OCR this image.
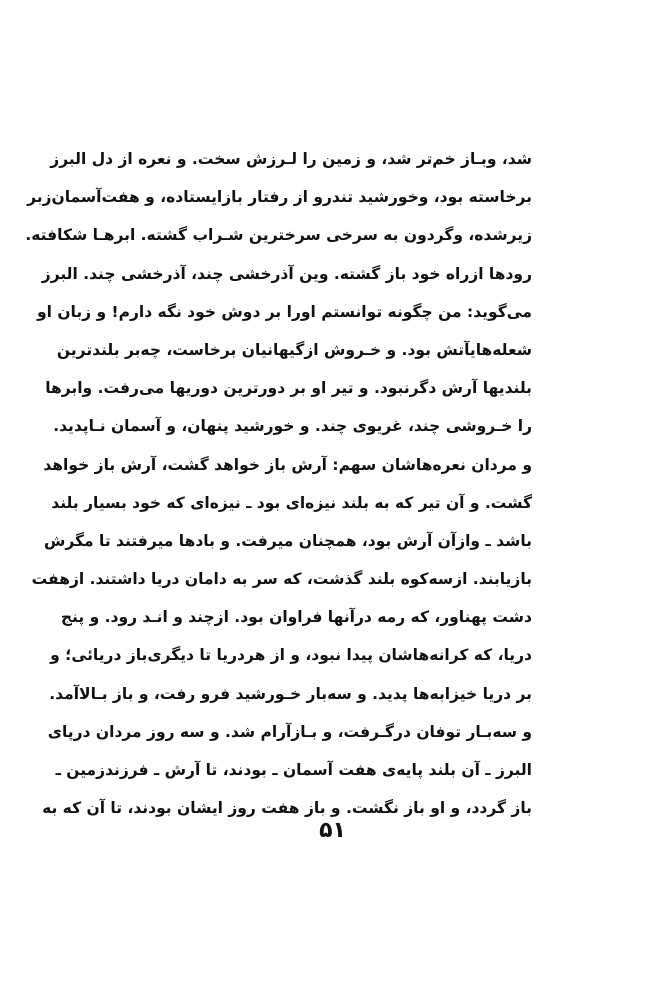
شد، وبـاز خم‌تر شد، و زمین را لـرزش سخت. و نعره از دل البرز
برخاسته بود، وخورشید تندرو از رفتار بازایستاده، و هفت‌آسمان‌زبر
زیرشده، وگردون به سرخی سرخترین شـراب گشته. ابرهـا شکافته.
رودها ازراه خود باز گشته. وین آذرخشی چند، آذرخشی چند. البرز
می‌گوید: من چگونه توانستم اورا بر دوش خود نگه دارم! و زبان او
شعله‌هایآتش بود. و خـروش ازگیهانیان برخاست، چه‌بر بلندترین
بلندیها آرش دگرنبود. و تیر او بر دورترین دوریها می‌رفت. وابرها
را خـروشی چند، غریوی چند. و خورشید پنهان، و آسمان نـاپدید.
و مردان نعره‌هاشان سهم: آرش باز خواهد گشت، آرش باز خواهد
گشت. و آن تیر که به بلند نیزه‌ای بود ـ نیزه‌ای که خود بسیار بلند
باشد ـ وازآن آرش بود، همچنان میرفت. و بادها میرفتند تا مگرش
بازیابند. ازسه‌کوه بلند گذشت، که سر به دامان دریا داشتند. ازهفت
دشت پهناور، که رمه درآنها فراوان بود. ازچند و انـد رود. و پنج
دریا، که کرانه‌هاشان پیدا نبود، و از هردریا تا دیگری‌باز دریائی؛ و
بر دریا خیزابه‌ها پدید. و سه‌بار خـورشید فرو رفت، و باز بـالاآمد.
و سه‌بـار توفان درگـرفت، و بـازآرام شد. و سه روز مردان درپای
البرز ـ آن بلند پایه‌ی هفت آسمان ـ بودند، تا آرش ـ فرزندزمین ـ
باز گردد، و او باز نگشت. و باز هفت روز ایشان بودند، تا آن که به
۵۱
